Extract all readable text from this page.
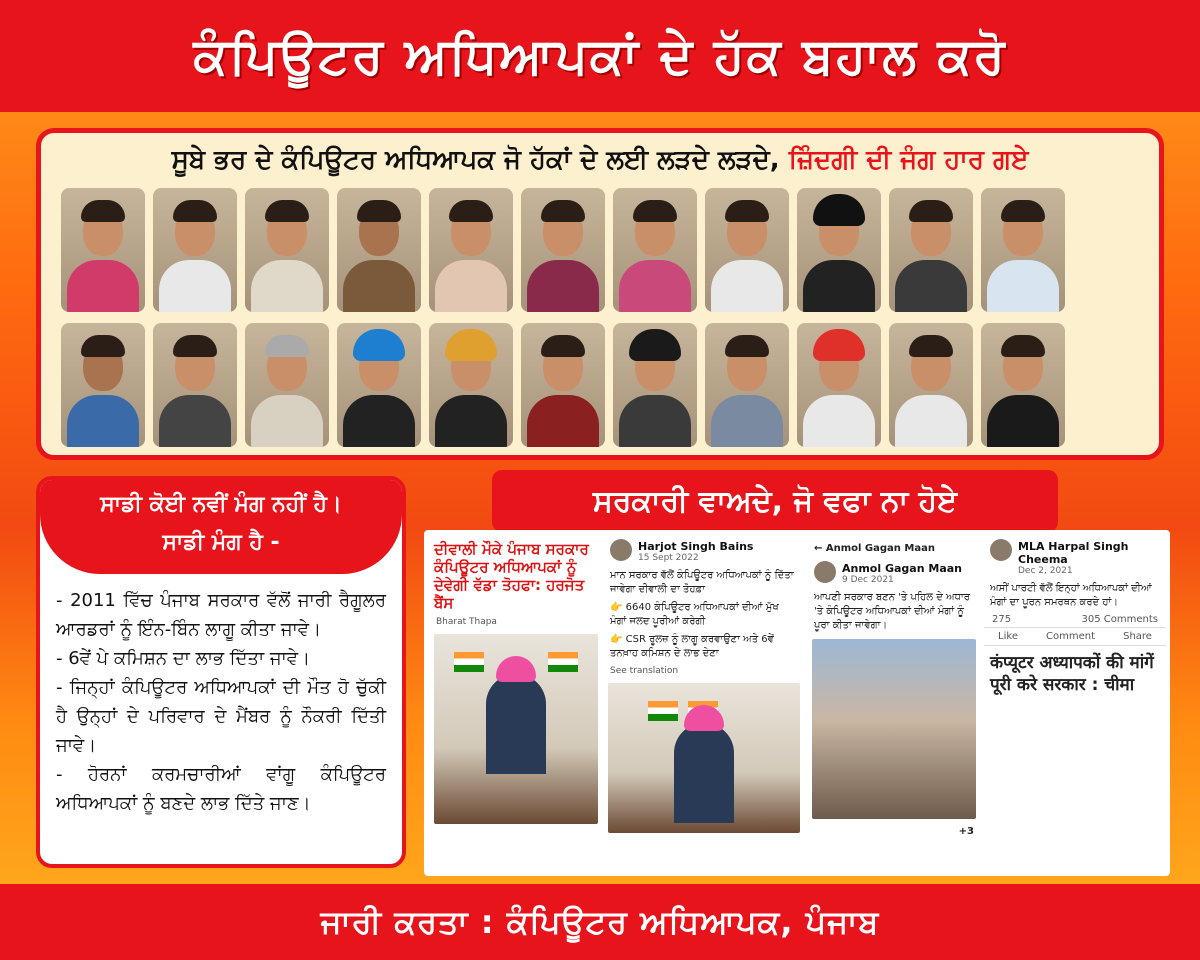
ਕੰਪਿਊਟਰ ਅਧਿਆਪਕਾਂ ਦੇ ਹੱਕ ਬਹਾਲ ਕਰੋ
ਸੂਬੇ ਭਰ ਦੇ ਕੰਪਿਊਟਰ ਅਧਿਆਪਕ ਜੋ ਹੱਕਾਂ ਦੇ ਲਈ ਲੜਦੇ ਲੜਦੇ, ਜ਼ਿੰਦਗੀ ਦੀ ਜੰਗ ਹਾਰ ਗਏ
ਸਾਡੀ ਕੋਈ ਨਵੀਂ ਮੰਗ ਨਹੀਂ ਹੈ।
ਸਾਡੀ ਮੰਗ ਹੈ -
- 2011 ਵਿੱਚ ਪੰਜਾਬ ਸਰਕਾਰ ਵੱਲੋਂ ਜਾਰੀ ਰੈਗੂਲਰ ਆਰਡਰਾਂ ਨੂੰ ਇੰਨ-ਬਿੰਨ ਲਾਗੂ ਕੀਤਾ ਜਾਵੇ।
- 6ਵੇਂ ਪੇ ਕਮਿਸ਼ਨ ਦਾ ਲਾਭ ਦਿੱਤਾ ਜਾਵੇ।
- ਜਿਨ੍ਹਾਂ ਕੰਪਿਊਟਰ ਅਧਿਆਪਕਾਂ ਦੀ ਮੌਤ ਹੋ ਚੁੱਕੀ ਹੈ ਉਨ੍ਹਾਂ ਦੇ ਪਰਿਵਾਰ ਦੇ ਮੈਂਬਰ ਨੂੰ ਨੌਕਰੀ ਦਿੱਤੀ ਜਾਵੇ।
- ਹੋਰਨਾਂ ਕਰਮਚਾਰੀਆਂ ਵਾਂਗੂ ਕੰਪਿਊਟਰ ਅਧਿਆਪਕਾਂ ਨੂੰ ਬਣਦੇ ਲਾਭ ਦਿੱਤੇ ਜਾਣ।
ਸਰਕਾਰੀ ਵਾਅਦੇ, ਜੋ ਵਫਾ ਨਾ ਹੋਏ
ਦੀਵਾਲੀ ਮੌਕੇ ਪੰਜਾਬ ਸਰਕਾਰ ਕੰਪਿਊਟਰ ਅਧਿਆਪਕਾਂ ਨੂੰ ਦੇਵੇਗੀ ਵੱਡਾ ਤੋਹਫਾ: ਹਰਜੋਤ ਬੈਂਸ
Bharat Thapa
Harjot Singh Bains
15 Sept 2022
ਮਾਨ ਸਰਕਾਰ ਵੱਲੋਂ ਕੰਪਿਊਟਰ ਅਧਿਆਪਕਾਂ ਨੂੰ ਦਿੱਤਾ ਜਾਵੇਗਾ ਦੀਵਾਲੀ ਦਾ ਤੋਹਫ਼ਾ
👉 6640 ਕੰਪਿਊਟਰ ਅਧਿਆਪਕਾਂ ਦੀਆਂ ਮੁੱਖ ਮੰਗਾਂ ਜਲਦ ਪੂਰੀਆਂ ਕਰੇਗੀ
👉 CSR ਰੂਲਜ਼ ਨੂੰ ਲਾਗੂ ਕਰਵਾਉਣਾ ਅਤੇ 6ਵੇਂ ਤਨਖ਼ਾਹ ਕਮਿਸ਼ਨ ਦੇ ਲਾਭ ਦੇਣਾ
See translation
← Anmol Gagan Maan
Anmol Gagan Maan
9 Dec 2021
ਆਪਣੀ ਸਰਕਾਰ ਬਣਨ 'ਤੇ ਪਹਿਲ ਦੇ ਅਧਾਰ 'ਤੇ ਕੰਪਿਊਟਰ ਅਧਿਆਪਕਾਂ ਦੀਆਂ ਮੰਗਾਂ ਨੂੰ ਪੂਰਾ ਕੀਤਾ ਜਾਵੇਗਾ।
+3
MLA Harpal Singh Cheema
Dec 2, 2021
ਅਸੀਂ ਪਾਰਟੀ ਵੱਲੋਂ ਇਨ੍ਹਾਂ ਅਧਿਆਪਕਾਂ ਦੀਆਂ ਮੰਗਾਂ ਦਾ ਪੂਰਨ ਸਮਰਥਨ ਕਰਦੇ ਹਾਂ।
275	305 Comments
Like	Comment	Share
कंप्यूटर अध्यापकों की मांगें पूरी करे सरकार : चीमा
ਜਾਰੀ ਕਰਤਾ : ਕੰਪਿਊਟਰ ਅਧਿਆਪਕ, ਪੰਜਾਬ
